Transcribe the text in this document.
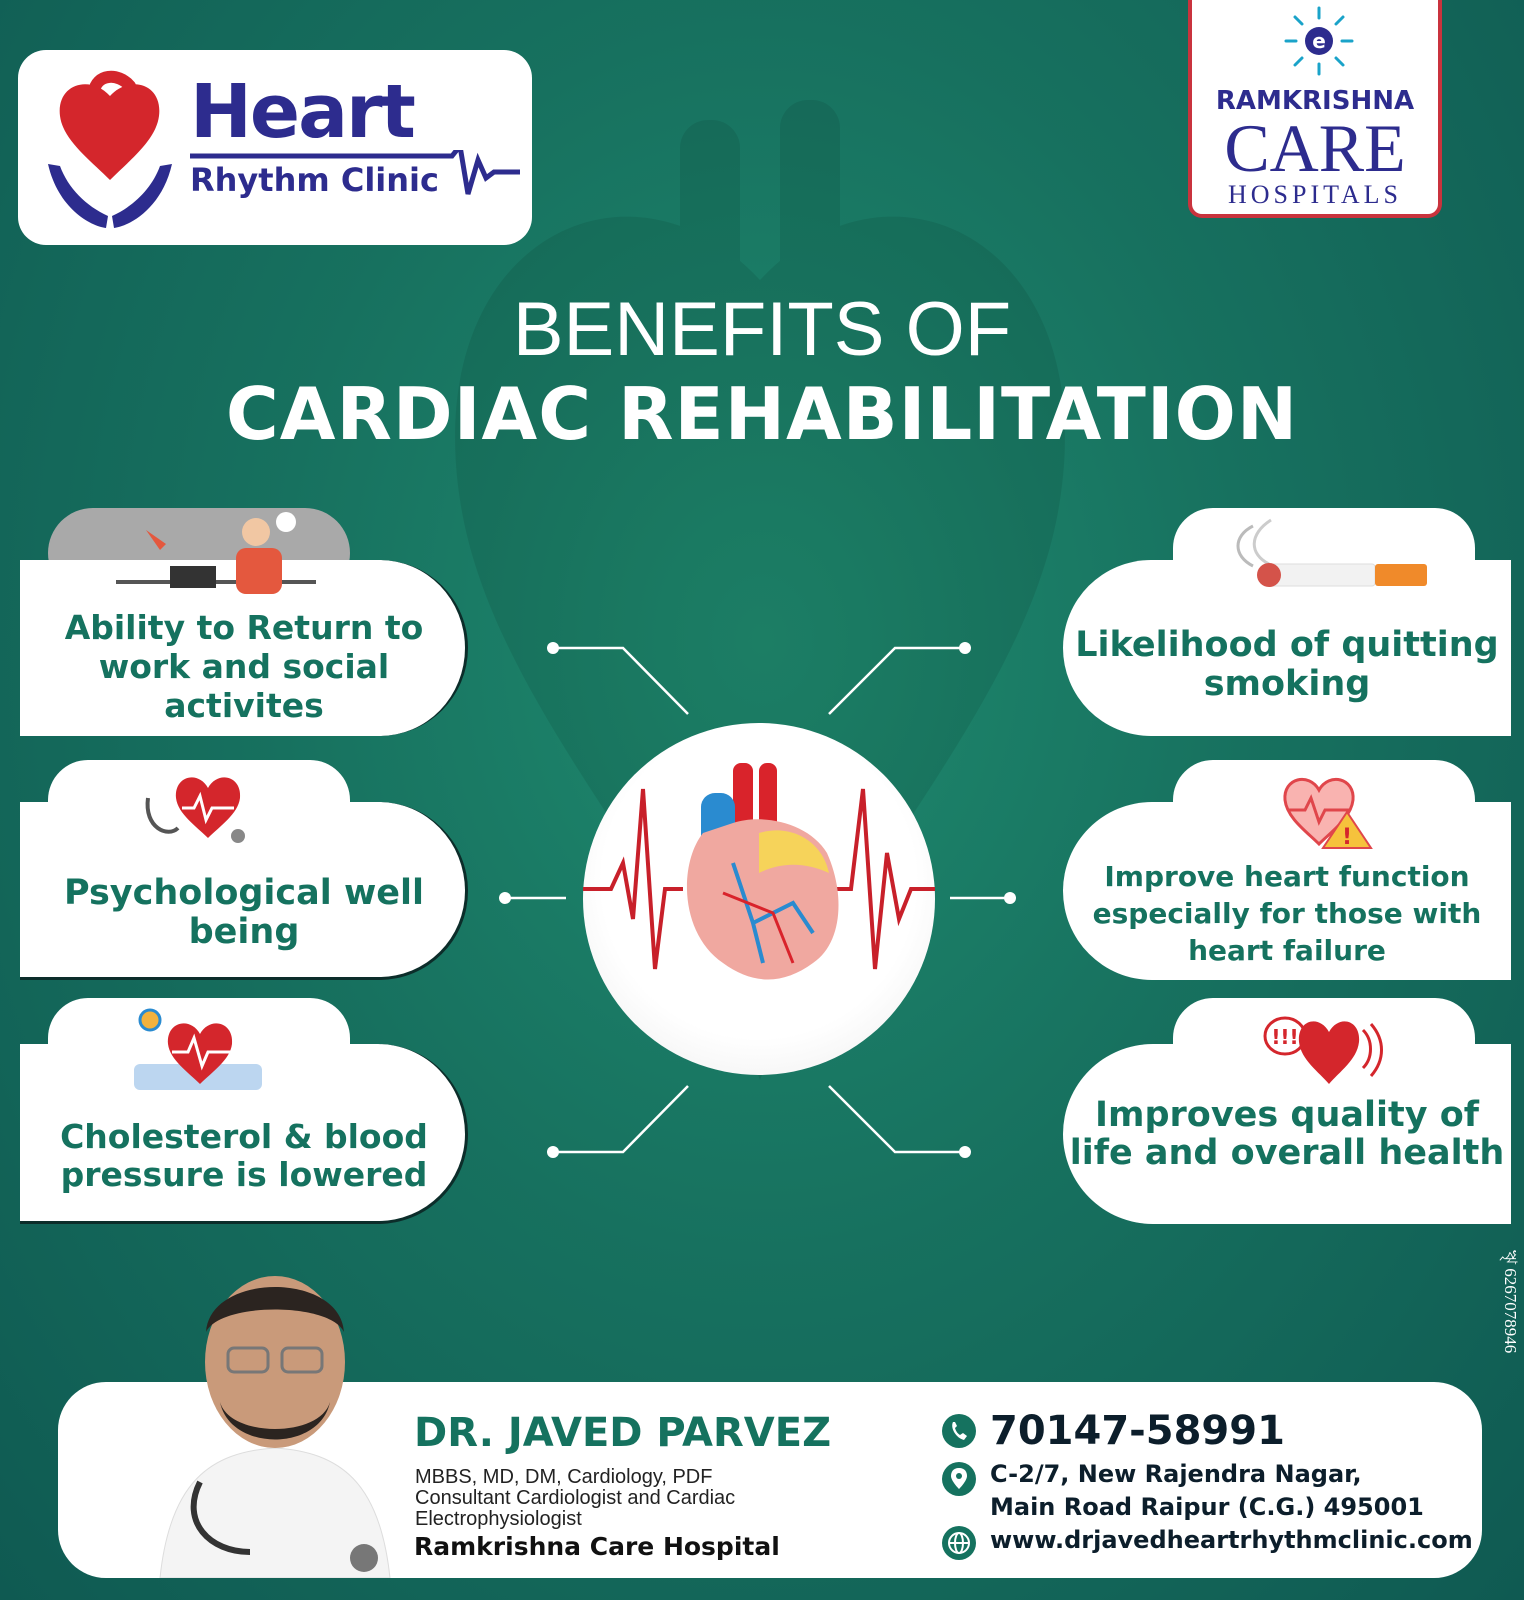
Heart
Rhythm Clinic
e
RAMKRISHNA
CARE
HOSPITALS
BENEFITS OF
CARDIAC REHABILITATION
Ability to Return to work and social activites
Psychological well being
Cholesterol & blood pressure is lowered
Likelihood of quitting smoking
!
Improve heart function especially for those with heart failure
!!!
Improves quality of life and overall health
DR. JAVED PARVEZ
MBBS, MD, DM, Cardiology, PDF
Consultant Cardiologist and Cardiac
Electrophysiologist
Ramkrishna Care Hospital
70147-58991
C-2/7, New Rajendra Nagar,
Main Road Raipur (C.G.) 495001
www.drjavedheartrhythmclinic.com
ৠ 6267078946
